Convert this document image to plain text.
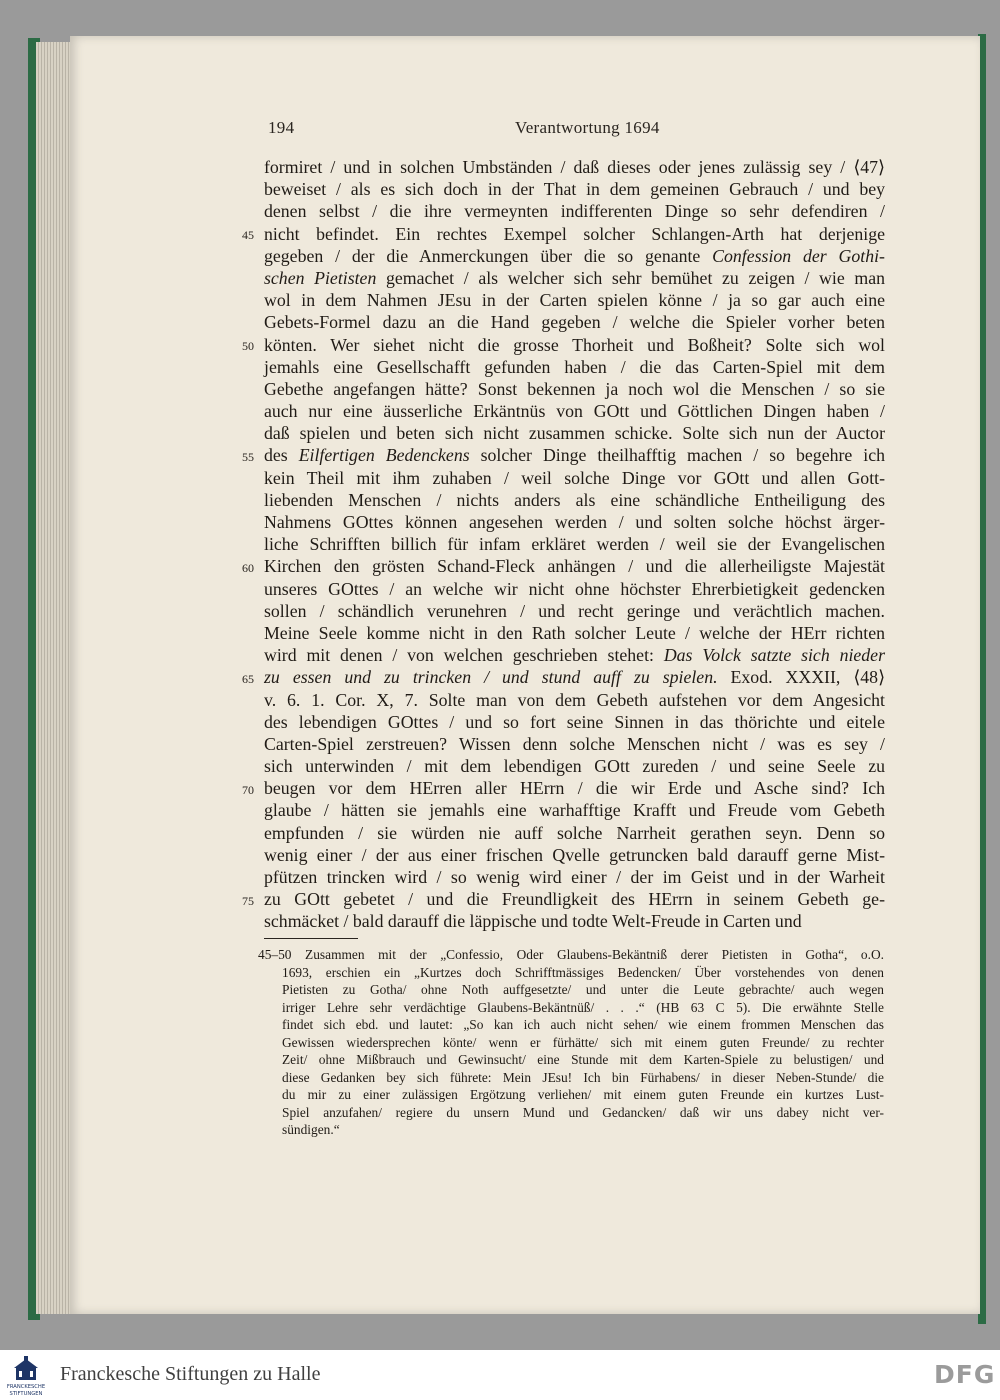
194	Verantwortung 1694
formiret / und in solchen Umbständen / daß dieses oder jenes zulässig sey / ⟨47⟩
beweiset / als es sich doch in der That in dem gemeinen Gebrauch / und bey
denen selbst / die ihre vermeynten indifferenten Dinge so sehr defendiren /
nicht befindet. Ein rechtes Exempel solcher Schlangen-Arth hat derjenige
gegeben / der die Anmerckungen über die so genante Confession der Gothi-
schen Pietisten gemachet / als welcher sich sehr bemühet zu zeigen / wie man
wol in dem Nahmen JEsu in der Carten spielen könne / ja so gar auch eine
Gebets-Formel dazu an die Hand gegeben / welche die Spieler vorher beten
könten. Wer siehet nicht die grosse Thorheit und Boßheit? Solte sich wol
jemahls eine Gesellschafft gefunden haben / die das Carten-Spiel mit dem
Gebethe angefangen hätte? Sonst bekennen ja noch wol die Menschen / so sie
auch nur eine äusserliche Erkäntnüs von GOtt und Göttlichen Dingen haben /
daß spielen und beten sich nicht zusammen schicke. Solte sich nun der Auctor
des Eilfertigen Bedenckens solcher Dinge theilhafftig machen / so begehre ich
kein Theil mit ihm zuhaben / weil solche Dinge vor GOtt und allen Gott-
liebenden Menschen / nichts anders als eine schändliche Entheiligung des
Nahmens GOttes können angesehen werden / und solten solche höchst ärger-
liche Schrifften billich für infam erkläret werden / weil sie der Evangelischen
Kirchen den grösten Schand-Fleck anhängen / und die allerheiligste Majestät
unseres GOttes / an welche wir nicht ohne höchster Ehrerbietigkeit gedencken
sollen / schändlich verunehren / und recht geringe und verächtlich machen.
Meine Seele komme nicht in den Rath solcher Leute / welche der HErr richten
wird mit denen / von welchen geschrieben stehet: Das Volck satzte sich nieder
zu essen und zu trincken / und stund auff zu spielen. Exod. XXXII, ⟨48⟩
v. 6. 1. Cor. X, 7. Solte man von dem Gebeth aufstehen vor dem Angesicht
des lebendigen GOttes / und so fort seine Sinnen in das thörichte und eitele
Carten-Spiel zerstreuen? Wissen denn solche Menschen nicht / was es sey /
sich unterwinden / mit dem lebendigen GOtt zureden / und seine Seele zu
beugen vor dem HErren aller HErrn / die wir Erde und Asche sind? Ich
glaube / hätten sie jemahls eine warhafftige Krafft und Freude vom Gebeth
empfunden / sie würden nie auff solche Narrheit gerathen seyn. Denn so
wenig einer / der aus einer frischen Qvelle getruncken bald darauff gerne Mist-
pfützen trincken wird / so wenig wird einer / der im Geist und in der Warheit
zu GOtt gebetet / und die Freundligkeit des HErrn in seinem Gebeth ge-
schmäcket / bald darauff die läppische und todte Welt-Freude in Carten und
45
50
55
60
65
70
75
45–50 Zusammen mit der „Confessio, Oder Glaubens-Bekäntniß derer Pietisten in Gotha“, o.O.
1693, erschien ein „Kurtzes doch Schrifftmässiges Bedencken/ Über vorstehendes von denen
Pietisten zu Gotha/ ohne Noth auffgesetzte/ und unter die Leute gebrachte/ auch wegen
irriger Lehre sehr verdächtige Glaubens-Bekäntnüß/ . . .“ (HB 63 C 5). Die erwähnte Stelle
findet sich ebd. und lautet: „So kan ich auch nicht sehen/ wie einem frommen Menschen das
Gewissen wiedersprechen könte/ wenn er fürhätte/ sich mit einem guten Freunde/ zu rechter
Zeit/ ohne Mißbrauch und Gewinsucht/ eine Stunde mit dem Karten-Spiele zu belustigen/ und
diese Gedanken bey sich führete: Mein JEsu! Ich bin Fürhabens/ in dieser Neben-Stunde/ die
du mir zu einer zulässigen Ergötzung verliehen/ mit einem guten Freunde ein kurtzes Lust-
Spiel anzufahen/ regiere du unsern Mund und Gedancken/ daß wir uns dabey nicht ver-
sündigen.“
FRANCKESCHE
STIFTUNGEN
Franckesche Stiftungen zu Halle	DFG
